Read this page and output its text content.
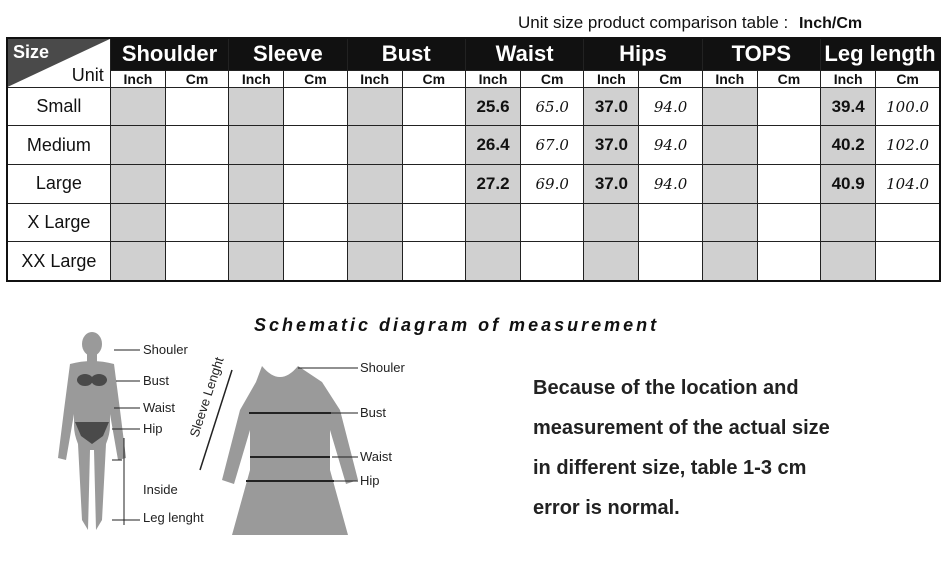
Unit size product comparison table : Inch/Cm
Size
Unit	Shoulder		Sleeve		Bust		Waist		Hips		TOPS		Leg length	
	Inch	Cm	Inch	Cm	Inch	Cm	Inch	Cm	Inch	Cm	Inch	Cm	Inch	Cm
Small							25.6	65.0	37.0	94.0			39.4	100.0
Medium							26.4	67.0	37.0	94.0			40.2	102.0
Large							27.2	69.0	37.0	94.0			40.9	104.0
X Large														
XX Large														
Schematic diagram of measurement
Shouler
Bust
Waist
Hip
Inside
Leg lenght
Shouler
Bust
Waist
Hip
Sleeve Lenght	Because of the location and
measurement of the actual size
in different size, table 1-3 cm
error is normal.
